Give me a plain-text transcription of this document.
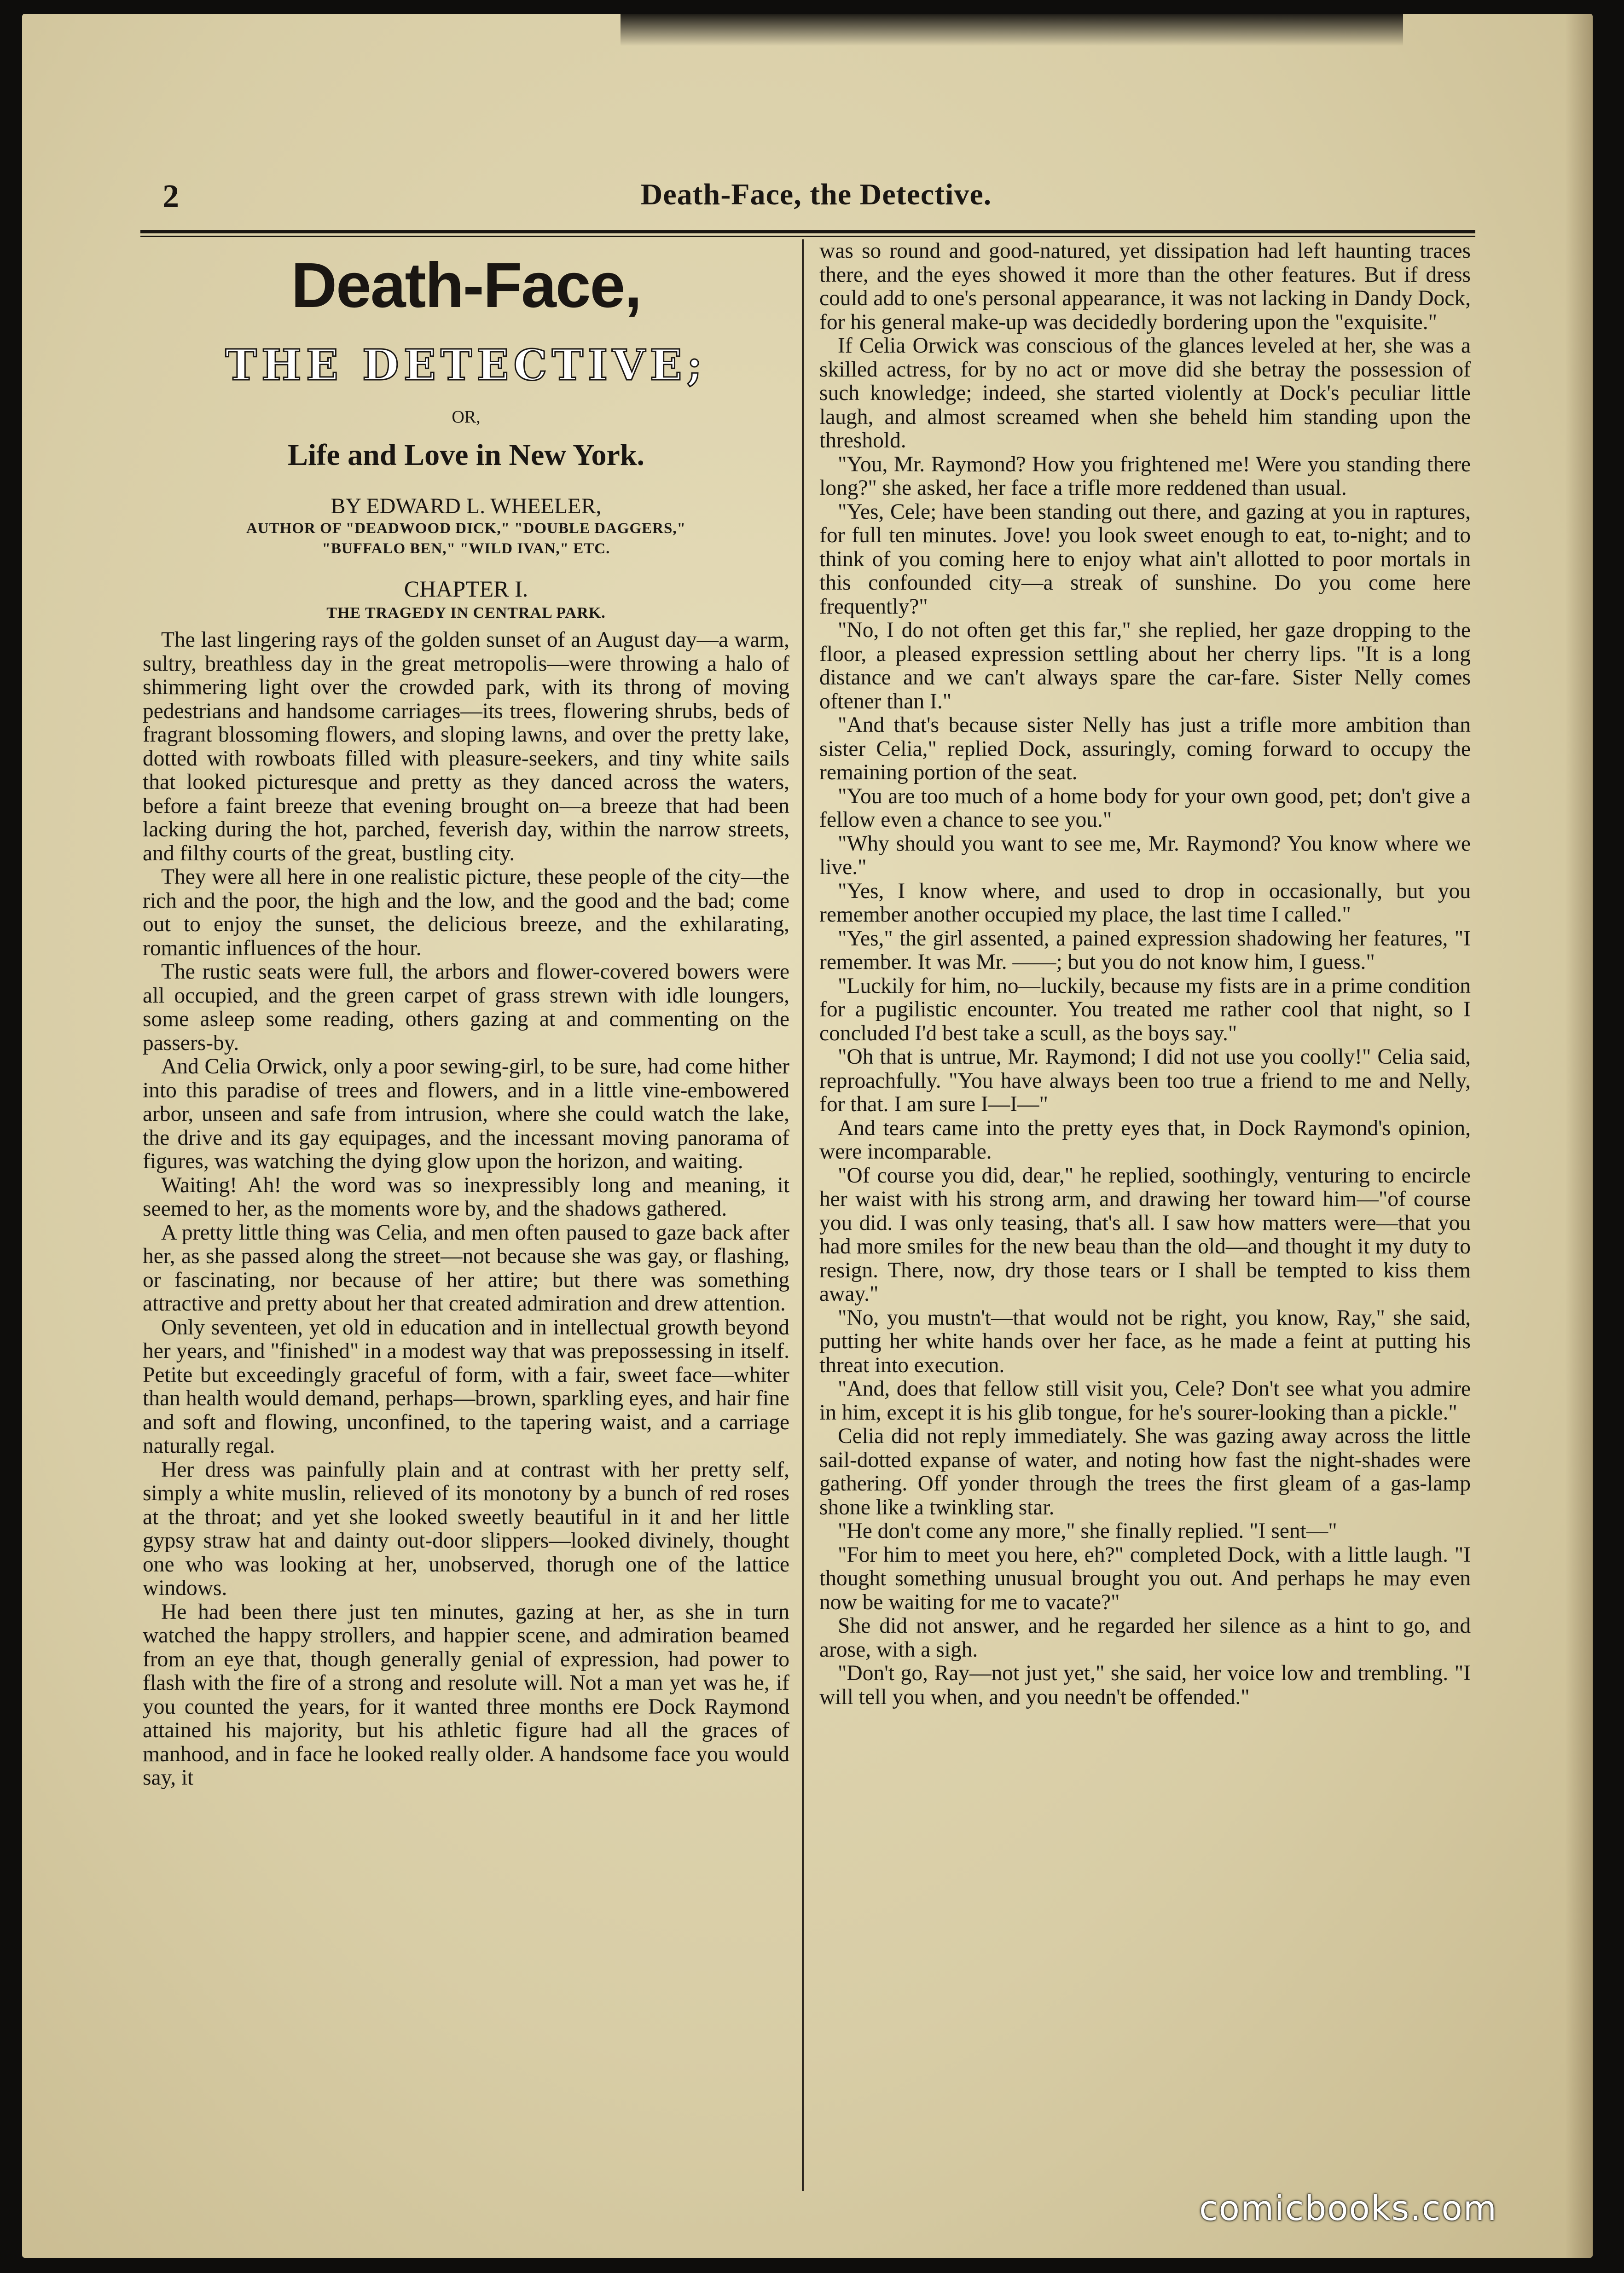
2	Death-Face, the Detective.
Death-Face,
THE DETECTIVE;
OR,
Life and Love in New York.
BY EDWARD L. WHEELER,
AUTHOR OF "DEADWOOD DICK," "DOUBLE DAGGERS,"
"BUFFALO BEN," "WILD IVAN," ETC.
CHAPTER I.
THE TRAGEDY IN CENTRAL PARK.

The last lingering rays of the golden sunset of an August day—a warm, sultry, breathless day in the great metropolis—were throwing a halo of shimmering light over the crowded park, with its throng of moving pedestrians and handsome carriages—its trees, flowering shrubs, beds of fragrant blossoming flowers, and sloping lawns, and over the pretty lake, dotted with rowboats filled with pleasure-seekers, and tiny white sails that looked picturesque and pretty as they danced across the waters, before a faint breeze that evening brought on—a breeze that had been lacking during the hot, parched, feverish day, within the narrow streets, and filthy courts of the great, bustling city.

They were all here in one realistic picture, these people of the city—the rich and the poor, the high and the low, and the good and the bad; come out to enjoy the sunset, the delicious breeze, and the exhilarating, romantic influences of the hour.

The rustic seats were full, the arbors and flower-covered bowers were all occupied, and the green carpet of grass strewn with idle loungers, some asleep some reading, others gazing at and commenting on the passers-by.

And Celia Orwick, only a poor sewing-girl, to be sure, had come hither into this paradise of trees and flowers, and in a little vine-embowered arbor, unseen and safe from intrusion, where she could watch the lake, the drive and its gay equipages, and the incessant moving panorama of figures, was watching the dying glow upon the horizon, and waiting.

Waiting! Ah! the word was so inexpressibly long and meaning, it seemed to her, as the moments wore by, and the shadows gathered.

A pretty little thing was Celia, and men often paused to gaze back after her, as she passed along the street—not because she was gay, or flashing, or fascinating, nor because of her attire; but there was something attractive and pretty about her that created admiration and drew attention.

Only seventeen, yet old in education and in intellectual growth beyond her years, and "finished" in a modest way that was prepossessing in itself. Petite but exceedingly graceful of form, with a fair, sweet face—whiter than health would demand, perhaps—brown, sparkling eyes, and hair fine and soft and flowing, unconfined, to the tapering waist, and a carriage naturally regal.

Her dress was painfully plain and at contrast with her pretty self, simply a white muslin, relieved of its monotony by a bunch of red roses at the throat; and yet she looked sweetly beautiful in it and her little gypsy straw hat and dainty out-door slippers—looked divinely, thought one who was looking at her, unobserved, thorugh one of the lattice windows.

He had been there just ten minutes, gazing at her, as she in turn watched the happy strollers, and happier scene, and admiration beamed from an eye that, though generally genial of expression, had power to flash with the fire of a strong and resolute will. Not a man yet was he, if you counted the years, for it wanted three months ere Dock Raymond attained his majority, but his athletic figure had all the graces of manhood, and in face he looked really older. A handsome face you would say, it

was so round and good-natured, yet dissipation had left haunting traces there, and the eyes showed it more than the other features. But if dress could add to one's personal appearance, it was not lacking in Dandy Dock, for his general make-up was decidedly bordering upon the "exquisite."

If Celia Orwick was conscious of the glances leveled at her, she was a skilled actress, for by no act or move did she betray the possession of such knowledge; indeed, she started violently at Dock's peculiar little laugh, and almost screamed when she beheld him standing upon the threshold.

"You, Mr. Raymond? How you frightened me! Were you standing there long?" she asked, her face a trifle more reddened than usual.

"Yes, Cele; have been standing out there, and gazing at you in raptures, for full ten minutes. Jove! you look sweet enough to eat, to-night; and to think of you coming here to enjoy what ain't allotted to poor mortals in this confounded city—a streak of sunshine. Do you come here frequently?"

"No, I do not often get this far," she replied, her gaze dropping to the floor, a pleased expression settling about her cherry lips. "It is a long distance and we can't always spare the car-fare. Sister Nelly comes oftener than I."

"And that's because sister Nelly has just a trifle more ambition than sister Celia," replied Dock, assuringly, coming forward to occupy the remaining portion of the seat.

"You are too much of a home body for your own good, pet; don't give a fellow even a chance to see you."

"Why should you want to see me, Mr. Raymond? You know where we live."

"Yes, I know where, and used to drop in occasionally, but you remember another occupied my place, the last time I called."

"Yes," the girl assented, a pained expression shadowing her features, "I remember. It was Mr. ——; but you do not know him, I guess."

"Luckily for him, no—luckily, because my fists are in a prime condition for a pugilistic encounter. You treated me rather cool that night, so I concluded I'd best take a scull, as the boys say."

"Oh that is untrue, Mr. Raymond; I did not use you coolly!" Celia said, reproachfully. "You have always been too true a friend to me and Nelly, for that. I am sure I—I—"

And tears came into the pretty eyes that, in Dock Raymond's opinion, were incomparable.

"Of course you did, dear," he replied, soothingly, venturing to encircle her waist with his strong arm, and drawing her toward him—"of course you did. I was only teasing, that's all. I saw how matters were—that you had more smiles for the new beau than the old—and thought it my duty to resign. There, now, dry those tears or I shall be tempted to kiss them away."

"No, you mustn't—that would not be right, you know, Ray," she said, putting her white hands over her face, as he made a feint at putting his threat into execution.

"And, does that fellow still visit you, Cele? Don't see what you admire in him, except it is his glib tongue, for he's sourer-looking than a pickle."

Celia did not reply immediately. She was gazing away across the little sail-dotted expanse of water, and noting how fast the night-shades were gathering. Off yonder through the trees the first gleam of a gas-lamp shone like a twinkling star.

"He don't come any more," she finally replied. "I sent—"

"For him to meet you here, eh?" completed Dock, with a little laugh. "I thought something unusual brought you out. And perhaps he may even now be waiting for me to vacate?"

She did not answer, and he regarded her silence as a hint to go, and arose, with a sigh.

"Don't go, Ray—not just yet," she said, her voice low and trembling. "I will tell you when, and you needn't be offended."

comicbooks.com
